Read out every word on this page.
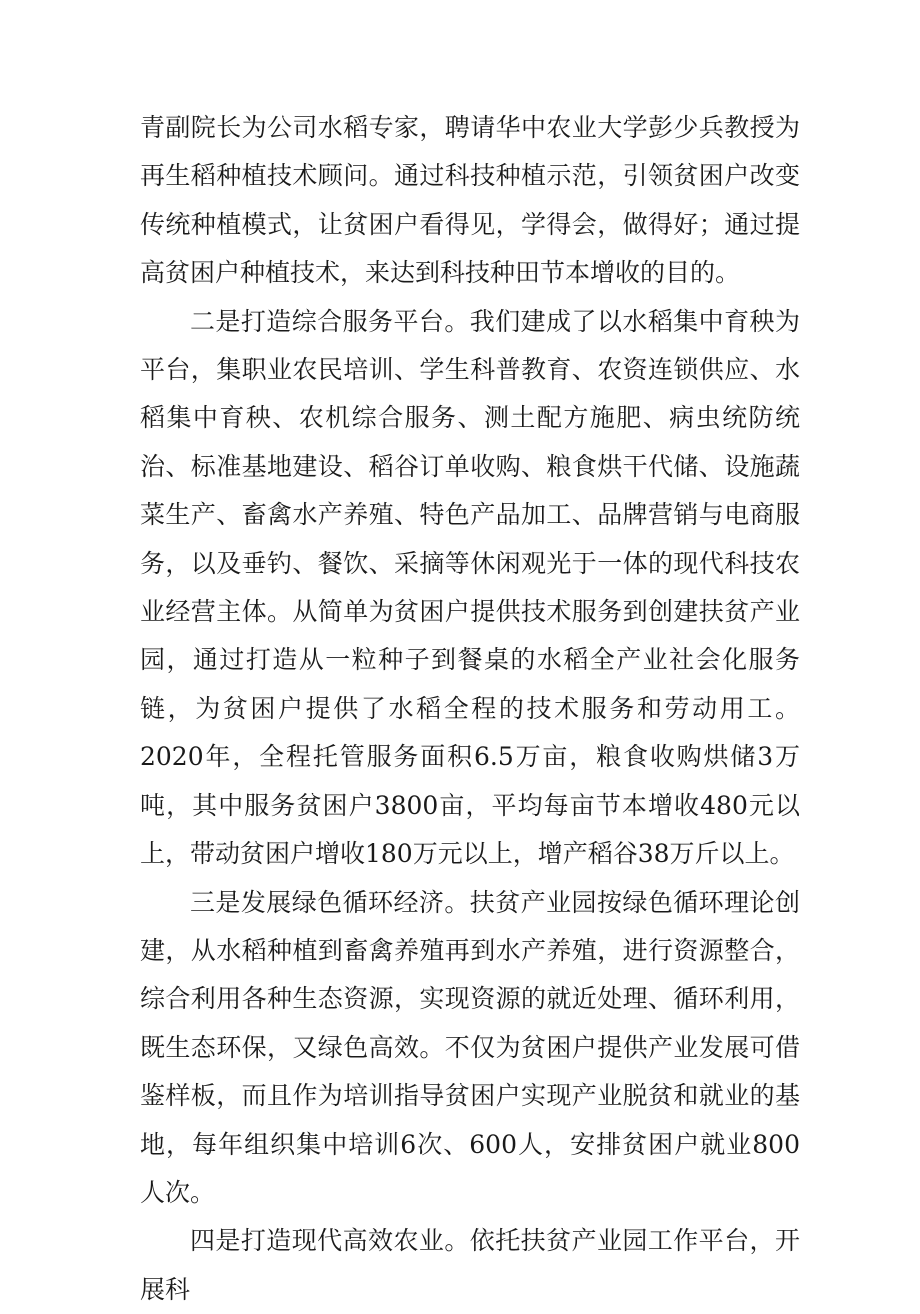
青副院长为公司水稻专家，聘请华中农业大学彭少兵教授为再生稻种植技术顾问。通过科技种植示范，引领贫困户改变传统种植模式，让贫困户看得见，学得会，做得好；通过提高贫困户种植技术，来达到科技种田节本增收的目的。

二是打造综合服务平台。我们建成了以水稻集中育秧为平台，集职业农民培训、学生科普教育、农资连锁供应、水稻集中育秧、农机综合服务、测土配方施肥、病虫统防统治、标准基地建设、稻谷订单收购、粮食烘干代储、设施蔬菜生产、畜禽水产养殖、特色产品加工、品牌营销与电商服务，以及垂钓、餐饮、采摘等休闲观光于一体的现代科技农业经营主体。从简单为贫困户提供技术服务到创建扶贫产业园，通过打造从一粒种子到餐桌的水稻全产业社会化服务链，为贫困户提供了水稻全程的技术服务和劳动用工。2020年，全程托管服务面积6.5万亩，粮食收购烘储3万吨，其中服务贫困户3800亩，平均每亩节本增收480元以上，带动贫困户增收180万元以上，增产稻谷38万斤以上。

三是发展绿色循环经济。扶贫产业园按绿色循环理论创建，从水稻种植到畜禽养殖再到水产养殖，进行资源整合，综合利用各种生态资源，实现资源的就近处理、循环利用，既生态环保，又绿色高效。不仅为贫困户提供产业发展可借鉴样板，而且作为培训指导贫困户实现产业脱贫和就业的基地，每年组织集中培训6次、600人，安排贫困户就业800人次。

四是打造现代高效农业。依托扶贫产业园工作平台，开展科
